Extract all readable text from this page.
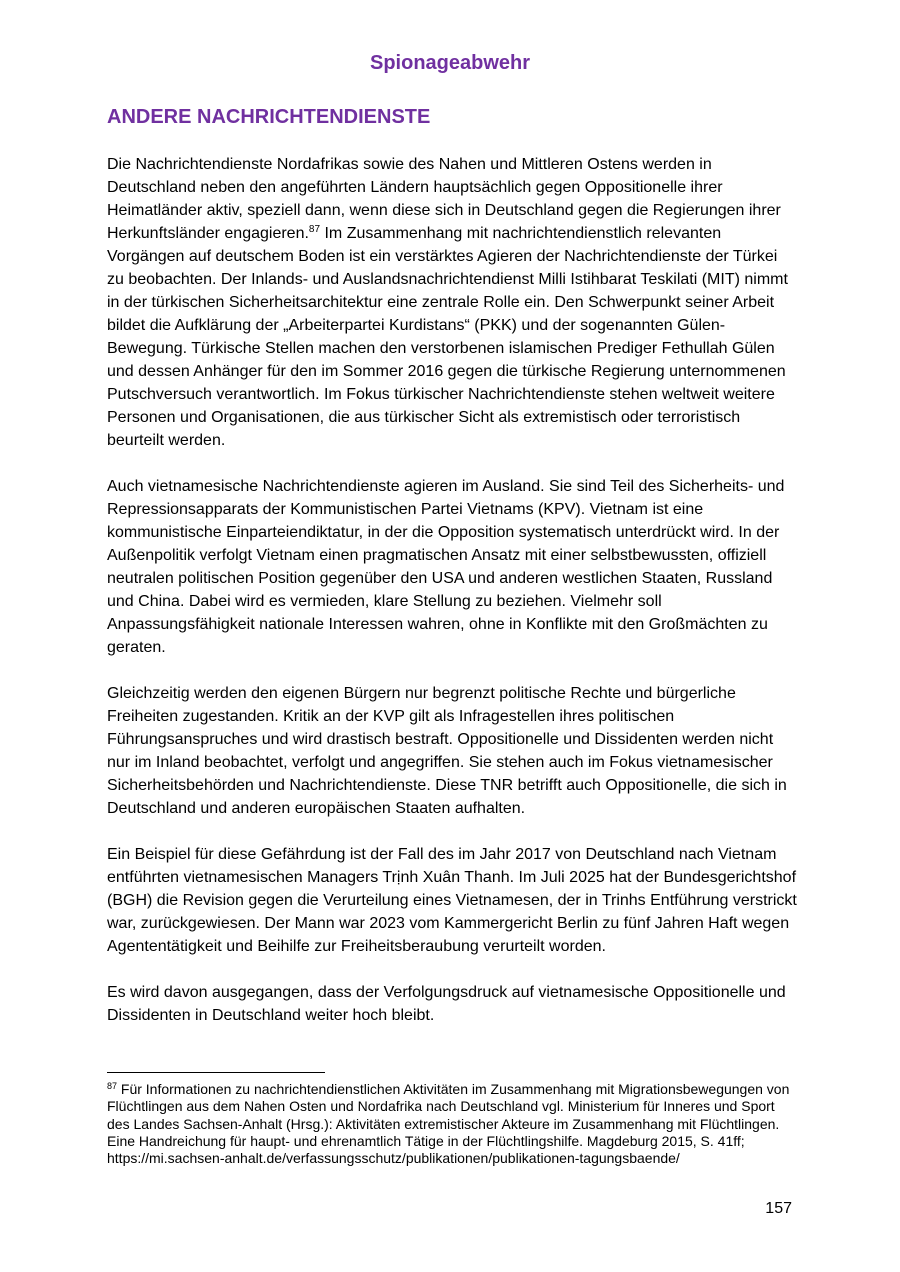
Spionageabwehr
ANDERE NACHRICHTENDIENSTE

Die Nachrichtendienste Nordafrikas sowie des Nahen und Mittleren Ostens werden in Deutschland neben den angeführten Ländern hauptsächlich gegen Oppositionelle ihrer Heimatländer aktiv, speziell dann, wenn diese sich in Deutschland gegen die Regierungen ihrer Herkunftsländer engagieren.$^{87}$ Im Zusammenhang mit nachrichtendienstlich relevanten Vorgängen auf deutschem Boden ist ein verstärktes Agieren der Nachrichtendienste der Türkei zu beobachten. Der Inlands- und Auslandsnachrichtendienst Milli Istihbarat Teskilati (MIT) nimmt in der türkischen Sicherheitsarchitektur eine zentrale Rolle ein. Den Schwerpunkt seiner Arbeit bildet die Aufklärung der „Arbeiterpartei Kurdistans“ (PKK) und der sogenannten Gülen-Bewegung. Türkische Stellen machen den verstorbenen islamischen Prediger Fethullah Gülen und dessen Anhänger für den im Sommer 2016 gegen die türkische Regierung unternommenen Putschversuch verantwortlich. Im Fokus türkischer Nachrichtendienste stehen weltweit weitere Personen und Organisationen, die aus türkischer Sicht als extremistisch oder terroristisch beurteilt werden.

Auch vietnamesische Nachrichtendienste agieren im Ausland. Sie sind Teil des Sicherheits- und Repressionsapparats der Kommunistischen Partei Vietnams (KPV). Vietnam ist eine kommunistische Einparteiendiktatur, in der die Opposition systematisch unterdrückt wird. In der Außenpolitik verfolgt Vietnam einen pragmatischen Ansatz mit einer selbstbewussten, offiziell neutralen politischen Position gegenüber den USA und anderen westlichen Staaten, Russland und China. Dabei wird es vermieden, klare Stellung zu beziehen. Vielmehr soll Anpassungsfähigkeit nationale Interessen wahren, ohne in Konflikte mit den Großmächten zu geraten.

Gleichzeitig werden den eigenen Bürgern nur begrenzt politische Rechte und bürgerliche Freiheiten zugestanden. Kritik an der KVP gilt als Infragestellen ihres politischen Führungsanspruches und wird drastisch bestraft. Oppositionelle und Dissidenten werden nicht nur im Inland beobachtet, verfolgt und angegriffen. Sie stehen auch im Fokus vietnamesischer Sicherheitsbehörden und Nachrichtendienste. Diese TNR betrifft auch Oppositionelle, die sich in Deutschland und anderen europäischen Staaten aufhalten.

Ein Beispiel für diese Gefährdung ist der Fall des im Jahr 2017 von Deutschland nach Vietnam entführten vietnamesischen Managers Trịnh Xuân Thanh. Im Juli 2025 hat der Bundesgerichtshof (BGH) die Revision gegen die Verurteilung eines Vietnamesen, der in Trinhs Entführung verstrickt war, zurückgewiesen. Der Mann war 2023 vom Kammergericht Berlin zu fünf Jahren Haft wegen Agententätigkeit und Beihilfe zur Freiheitsberaubung verurteilt worden.

Es wird davon ausgegangen, dass der Verfolgungsdruck auf vietnamesische Oppositionelle und Dissidenten in Deutschland weiter hoch bleibt.

$^{87}$ Für Informationen zu nachrichtendienstlichen Aktivitäten im Zusammenhang mit Migrationsbewegungen von Flüchtlingen aus dem Nahen Osten und Nordafrika nach Deutschland vgl. Ministerium für Inneres und Sport des Landes Sachsen-Anhalt (Hrsg.): Aktivitäten extremistischer Akteure im Zusammenhang mit Flüchtlingen. Eine Handreichung für haupt- und ehrenamtlich Tätige in der Flüchtlingshilfe. Magdeburg 2015, S. 41ff; https://mi.sachsen-anhalt.de/verfassungsschutz/publikationen/publikationen-tagungsbaende/

157
